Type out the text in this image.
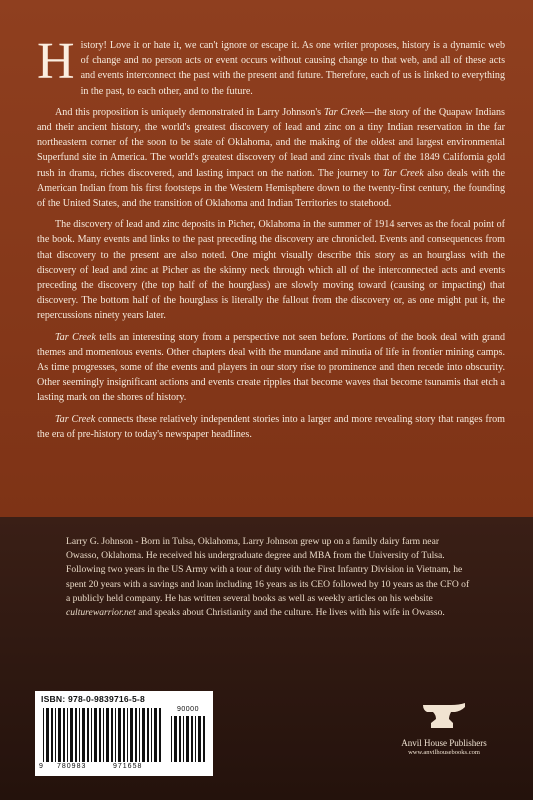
History! Love it or hate it, we can't ignore or escape it. As one writer proposes, history is a dynamic web of change and no person acts or event occurs without causing change to that web, and all of these acts and events interconnect the past with the present and future. Therefore, each of us is linked to everything in the past, to each other, and to the future.

And this proposition is uniquely demonstrated in Larry Johnson's Tar Creek—the story of the Quapaw Indians and their ancient history, the world's greatest discovery of lead and zinc on a tiny Indian reservation in the far northeastern corner of the soon to be state of Oklahoma, and the making of the oldest and largest environmental Superfund site in America. The world's greatest discovery of lead and zinc rivals that of the 1849 California gold rush in drama, riches discovered, and lasting impact on the nation. The journey to Tar Creek also deals with the American Indian from his first footsteps in the Western Hemisphere down to the twenty-first century, the founding of the United States, and the transition of Oklahoma and Indian Territories to statehood.

The discovery of lead and zinc deposits in Picher, Oklahoma in the summer of 1914 serves as the focal point of the book. Many events and links to the past preceding the discovery are chronicled. Events and consequences from that discovery to the present are also noted. One might visually describe this story as an hourglass with the discovery of lead and zinc at Picher as the skinny neck through which all of the interconnected acts and events preceding the discovery (the top half of the hourglass) are slowly moving toward (causing or impacting) that discovery. The bottom half of the hourglass is literally the fallout from the discovery or, as one might put it, the repercussions ninety years later.

Tar Creek tells an interesting story from a perspective not seen before. Portions of the book deal with grand themes and momentous events. Other chapters deal with the mundane and minutia of life in frontier mining camps. As time progresses, some of the events and players in our story rise to prominence and then recede into obscurity. Other seemingly insignificant actions and events create ripples that become waves that become tsunamis that etch a lasting mark on the shores of history.

Tar Creek connects these relatively independent stories into a larger and more revealing story that ranges from the era of pre-history to today's newspaper headlines.

Larry G. Johnson - Born in Tulsa, Oklahoma, Larry Johnson grew up on a family dairy farm near Owasso, Oklahoma. He received his undergraduate degree and MBA from the University of Tulsa. Following two years in the US Army with a tour of duty with the First Infantry Division in Vietnam, he spent 20 years with a savings and loan including 16 years as its CEO followed by 10 years as the CFO of a publicly held company. He has written several books as well as weekly articles on his website culturewarrior.net and speaks about Christianity and the culture. He lives with his wife in Owasso.
ISBN: 978-0-9839716-5-8
90000
9 780983	971658
Anvil House Publishers
www.anvilhousebooks.com
